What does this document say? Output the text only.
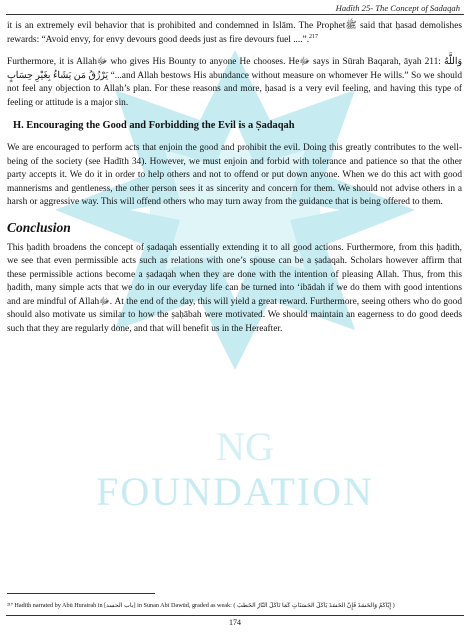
NG
FOUNDATION
Hadīth 25- The Concept of Sadaqah

it is an extremely evil behavior that is prohibited and condemned in Islām. The Prophetﷺ said that ḥasad demolishes rewards: “Avoid envy, for envy devours good deeds just as fire devours fuel ....”.$^{217}$

Furthermore, it is Allahﷻ who gives His Bounty to anyone He chooses. Heﷻ says in Sūrah Baqarah, āyah 211: وَاللَّهُ يَرْزُقُ مَن يَشَاءُ بِغَيْرِ حِسَابٍ “...and Allah bestows His abundance without measure on whomever He wills.” So we should not feel any objection to Allah’s plan. For these reasons and more, ḥasad is a very evil feeling, and having this type of feeling or attitude is a major sin.

H. Encouraging the Good and Forbidding the Evil is a Ṣadaqah

We are encouraged to perform acts that enjoin the good and prohibit the evil. Doing this greatly contributes to the well-being of the society (see Hadīth 34). However, we must enjoin and forbid with tolerance and patience so that the other party accepts it. We do it in order to help others and not to offend or put down anyone. When we do this act with good mannerisms and gentleness, the other person sees it as sincerity and concern for them. We should not advise others in a harsh or aggressive way. This will offend others who may turn away from the guidance that is being offered to them.

Conclusion

This ḥadith broadens the concept of ṣadaqah essentially extending it to all good actions. Furthermore, from this ḥadith, we see that even permissible acts such as relations with one’s spouse can be a ṣadaqah. Scholars however affirm that these permissible actions become a ṣadaqah when they are done with the intention of pleasing Allah. Thus, from this ḥadith, many simple acts that we do in our everyday life can be turned into ‘ibādah if we do them with good intentions and are mindful of Allahﷻ. At the end of the day, this will yield a great reward. Furthermore, seeing others who do good should also motivate us similar to how the ṣaḥābah were motivated. We should maintain an eagerness to do good deeds such that they are regularly done, and that will benefit us in the Hereafter.

²¹⁷ Hadīth narrated by Abū Hurairah in [باب الحسد] in Sunan Abī Dawūd, graded as weak: ( إِيَّاكُمْ وَالْحَسَدَ فَإِنَّ الْحَسَدَ يَأْكُلُ الْحَسَنَاتِ كَمَا تَأْكُلُ النَّارُ الْحَطَبَ )
174
